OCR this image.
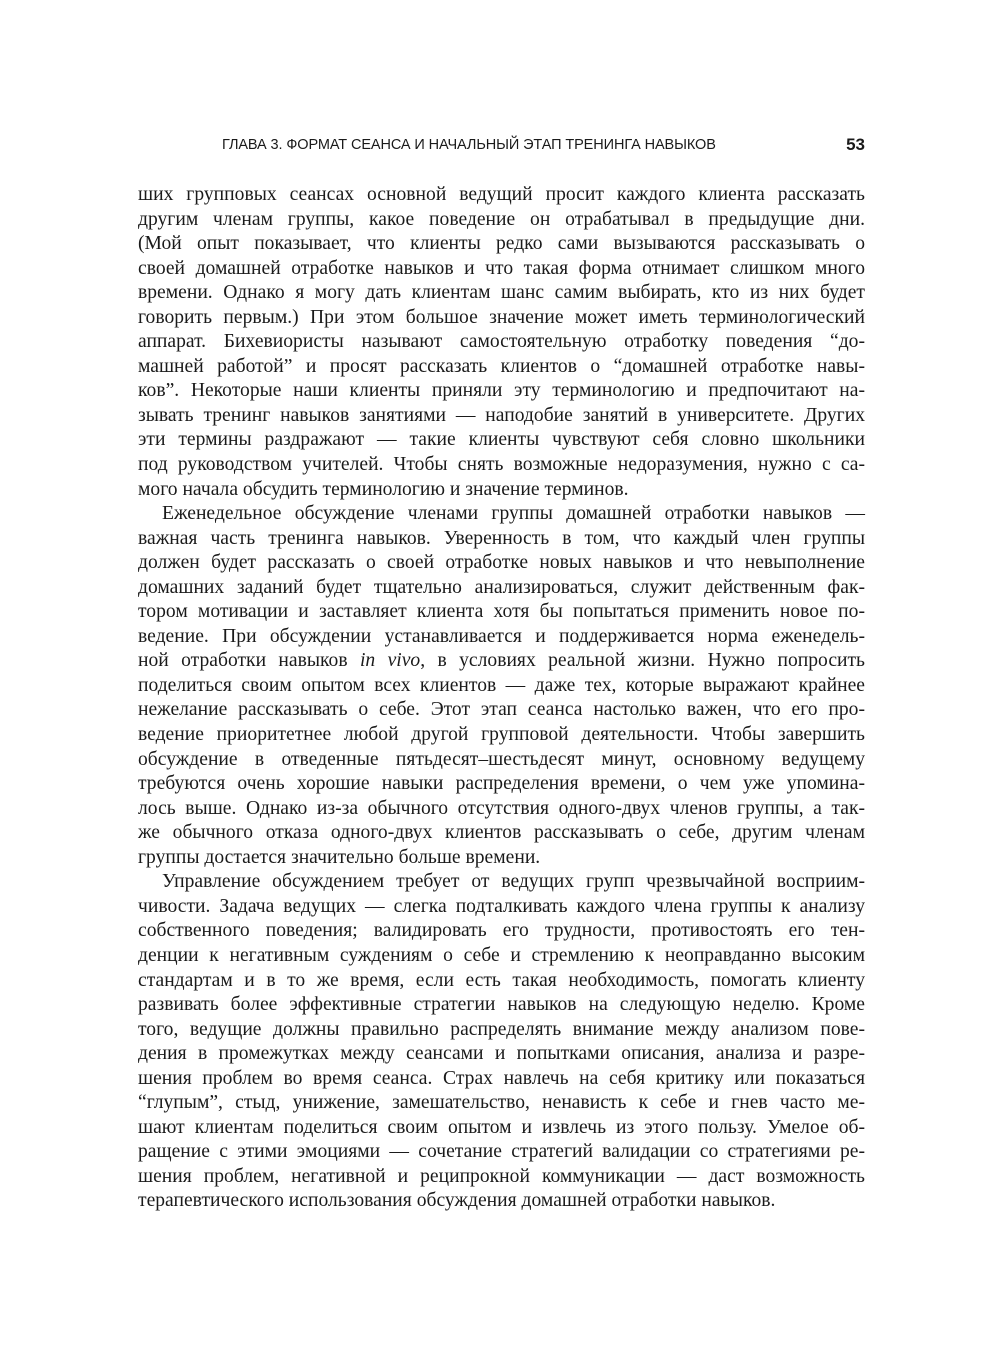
ГЛАВА 3. ФОРМАТ СЕАНСА И НАЧАЛЬНЫЙ ЭТАП ТРЕНИНГА НАВЫКОВ	53
ших групповых сеансах основной ведущий просит каждого клиента рассказать
другим членам группы, какое поведение он отрабатывал в предыдущие дни.
(Мой опыт показывает, что клиенты редко сами вызываются рассказывать о
своей домашней отработке навыков и что такая форма отнимает слишком много
времени. Однако я могу дать клиентам шанс самим выбирать, кто из них будет
говорить первым.) При этом большое значение может иметь терминологический
аппарат. Бихевиористы называют самостоятельную отработку поведения “до-
машней работой” и просят рассказать клиентов о “домашней отработке навы-
ков”. Некоторые наши клиенты приняли эту терминологию и предпочитают на-
зывать тренинг навыков занятиями — наподобие занятий в университете. Других
эти термины раздражают — такие клиенты чувствуют себя словно школьники
под руководством учителей. Чтобы снять возможные недоразумения, нужно с са-
мого начала обсудить терминологию и значение терминов.
Еженедельное обсуждение членами группы домашней отработки навыков —
важная часть тренинга навыков. Уверенность в том, что каждый член группы
должен будет рассказать о своей отработке новых навыков и что невыполнение
домашних заданий будет тщательно анализироваться, служит действенным фак-
тором мотивации и заставляет клиента хотя бы попытаться применить новое по-
ведение. При обсуждении устанавливается и поддерживается норма еженедель-
ной отработки навыков in vivo, в условиях реальной жизни. Нужно попросить
поделиться своим опытом всех клиентов — даже тех, которые выражают крайнее
нежелание рассказывать о себе. Этот этап сеанса настолько важен, что его про-
ведение приоритетнее любой другой групповой деятельности. Чтобы завершить
обсуждение в отведенные пятьдесят–шестьдесят минут, основному ведущему
требуются очень хорошие навыки распределения времени, о чем уже упомина-
лось выше. Однако из-за обычного отсутствия одного-двух членов группы, а так-
же обычного отказа одного-двух клиентов рассказывать о себе, другим членам
группы достается значительно больше времени.
Управление обсуждением требует от ведущих групп чрезвычайной восприим-
чивости. Задача ведущих — слегка подталкивать каждого члена группы к анализу
собственного поведения; валидировать его трудности, противостоять его тен-
денции к негативным суждениям о себе и стремлению к неоправданно высоким
стандартам и в то же время, если есть такая необходимость, помогать клиенту
развивать более эффективные стратегии навыков на следующую неделю. Кроме
того, ведущие должны правильно распределять внимание между анализом пове-
дения в промежутках между сеансами и попытками описания, анализа и разре-
шения проблем во время сеанса. Страх навлечь на себя критику или показаться
“глупым”, стыд, унижение, замешательство, ненависть к себе и гнев часто ме-
шают клиентам поделиться своим опытом и извлечь из этого пользу. Умелое об-
ращение с этими эмоциями — сочетание стратегий валидации со стратегиями ре-
шения проблем, негативной и реципрокной коммуникации — даст возможность
терапевтического использования обсуждения домашней отработки навыков.
